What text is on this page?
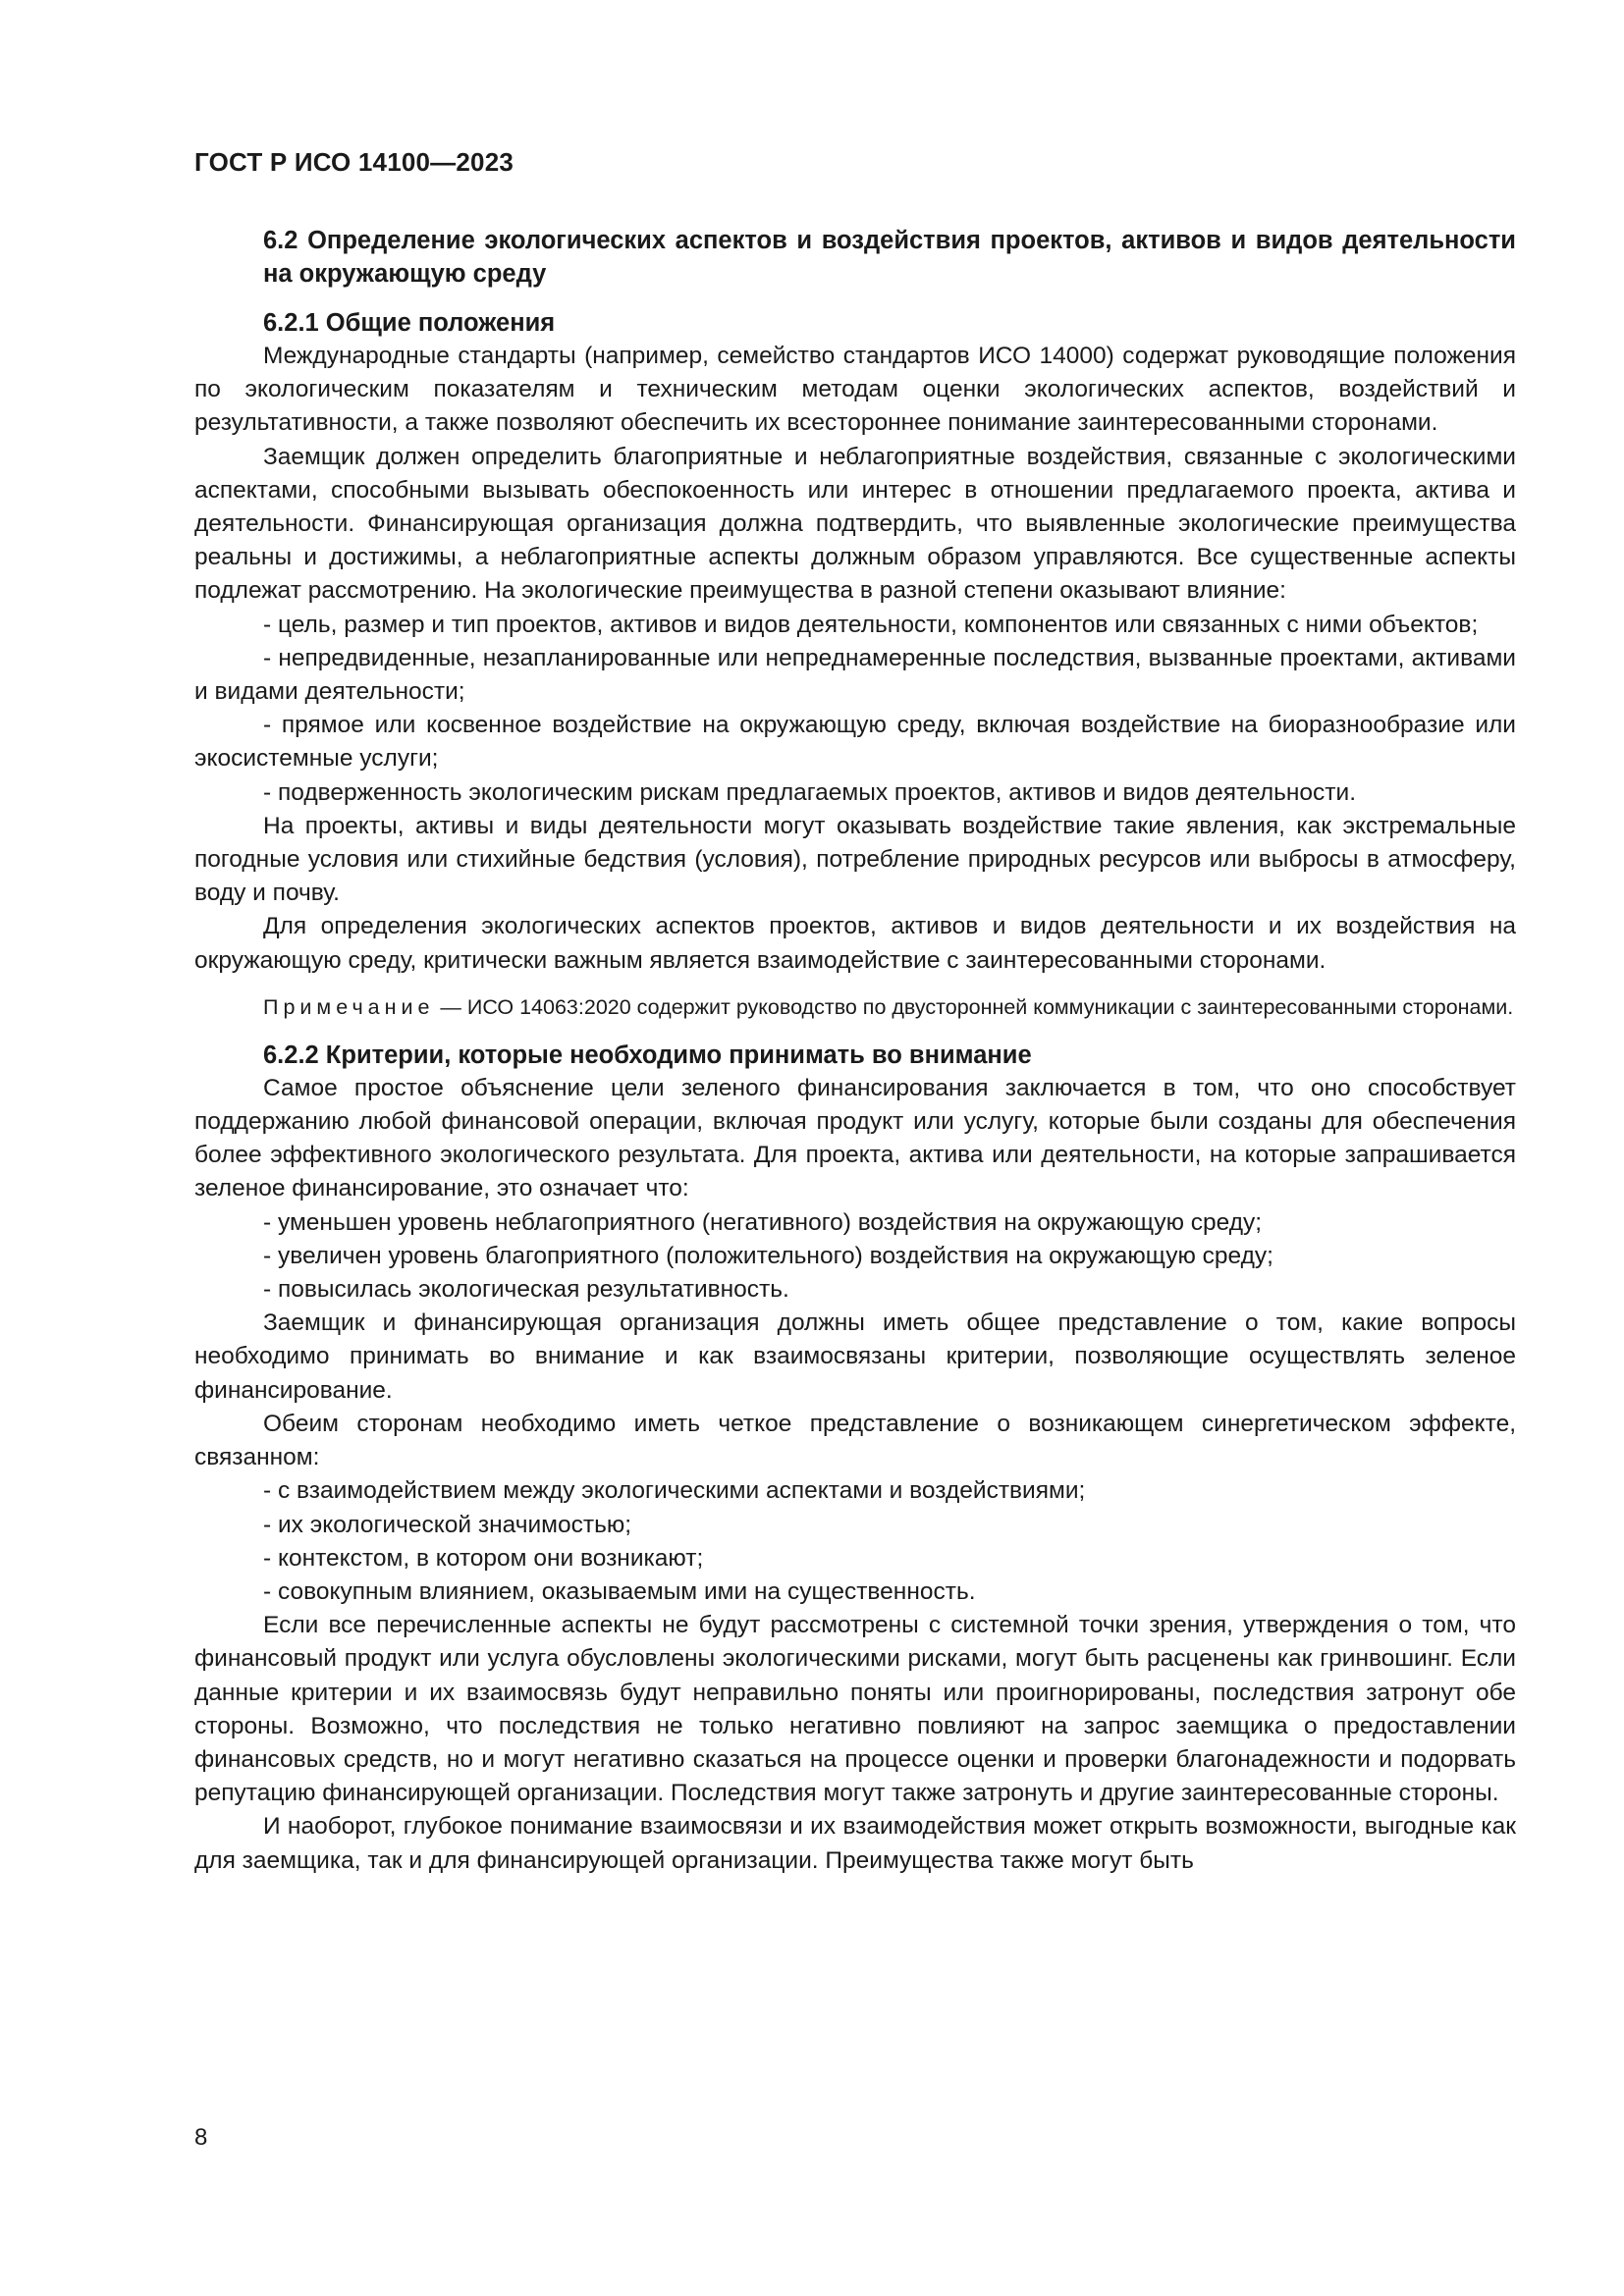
ГОСТ Р ИСО 14100—2023
6.2 Определение экологических аспектов и воздействия проектов, активов и видов деятельности на окружающую среду
6.2.1 Общие положения
Международные стандарты (например, семейство стандартов ИСО 14000) содержат руководящие положения по экологическим показателям и техническим методам оценки экологических аспектов, воздействий и результативности, а также позволяют обеспечить их всестороннее понимание заинтересованными сторонами.
Заемщик должен определить благоприятные и неблагоприятные воздействия, связанные с экологическими аспектами, способными вызывать обеспокоенность или интерес в отношении предлагаемого проекта, актива и деятельности. Финансирующая организация должна подтвердить, что выявленные экологические преимущества реальны и достижимы, а неблагоприятные аспекты должным образом управляются. Все существенные аспекты подлежат рассмотрению. На экологические преимущества в разной степени оказывают влияние:
- цель, размер и тип проектов, активов и видов деятельности, компонентов или связанных с ними объектов;
- непредвиденные, незапланированные или непреднамеренные последствия, вызванные проектами, активами и видами деятельности;
- прямое или косвенное воздействие на окружающую среду, включая воздействие на биоразнообразие или экосистемные услуги;
- подверженность экологическим рискам предлагаемых проектов, активов и видов деятельности.
На проекты, активы и виды деятельности могут оказывать воздействие такие явления, как экстремальные погодные условия или стихийные бедствия (условия), потребление природных ресурсов или выбросы в атмосферу, воду и почву.
Для определения экологических аспектов проектов, активов и видов деятельности и их воздействия на окружающую среду, критически важным является взаимодействие с заинтересованными сторонами.
Примечание — ИСО 14063:2020 содержит руководство по двусторонней коммуникации с заинтересованными сторонами.
6.2.2 Критерии, которые необходимо принимать во внимание
Самое простое объяснение цели зеленого финансирования заключается в том, что оно способствует поддержанию любой финансовой операции, включая продукт или услугу, которые были созданы для обеспечения более эффективного экологического результата. Для проекта, актива или деятельности, на которые запрашивается зеленое финансирование, это означает что:
- уменьшен уровень неблагоприятного (негативного) воздействия на окружающую среду;
- увеличен уровень благоприятного (положительного) воздействия на окружающую среду;
- повысилась экологическая результативность.
Заемщик и финансирующая организация должны иметь общее представление о том, какие вопросы необходимо принимать во внимание и как взаимосвязаны критерии, позволяющие осуществлять зеленое финансирование.
Обеим сторонам необходимо иметь четкое представление о возникающем синергетическом эффекте, связанном:
- с взаимодействием между экологическими аспектами и воздействиями;
- их экологической значимостью;
- контекстом, в котором они возникают;
- совокупным влиянием, оказываемым ими на существенность.
Если все перечисленные аспекты не будут рассмотрены с системной точки зрения, утверждения о том, что финансовый продукт или услуга обусловлены экологическими рисками, могут быть расценены как гринвошинг. Если данные критерии и их взаимосвязь будут неправильно поняты или проигнорированы, последствия затронут обе стороны. Возможно, что последствия не только негативно повлияют на запрос заемщика о предоставлении финансовых средств, но и могут негативно сказаться на процессе оценки и проверки благонадежности и подорвать репутацию финансирующей организации. Последствия могут также затронуть и другие заинтересованные стороны.
И наоборот, глубокое понимание взаимосвязи и их взаимодействия может открыть возможности, выгодные как для заемщика, так и для финансирующей организации. Преимущества также могут быть
8
